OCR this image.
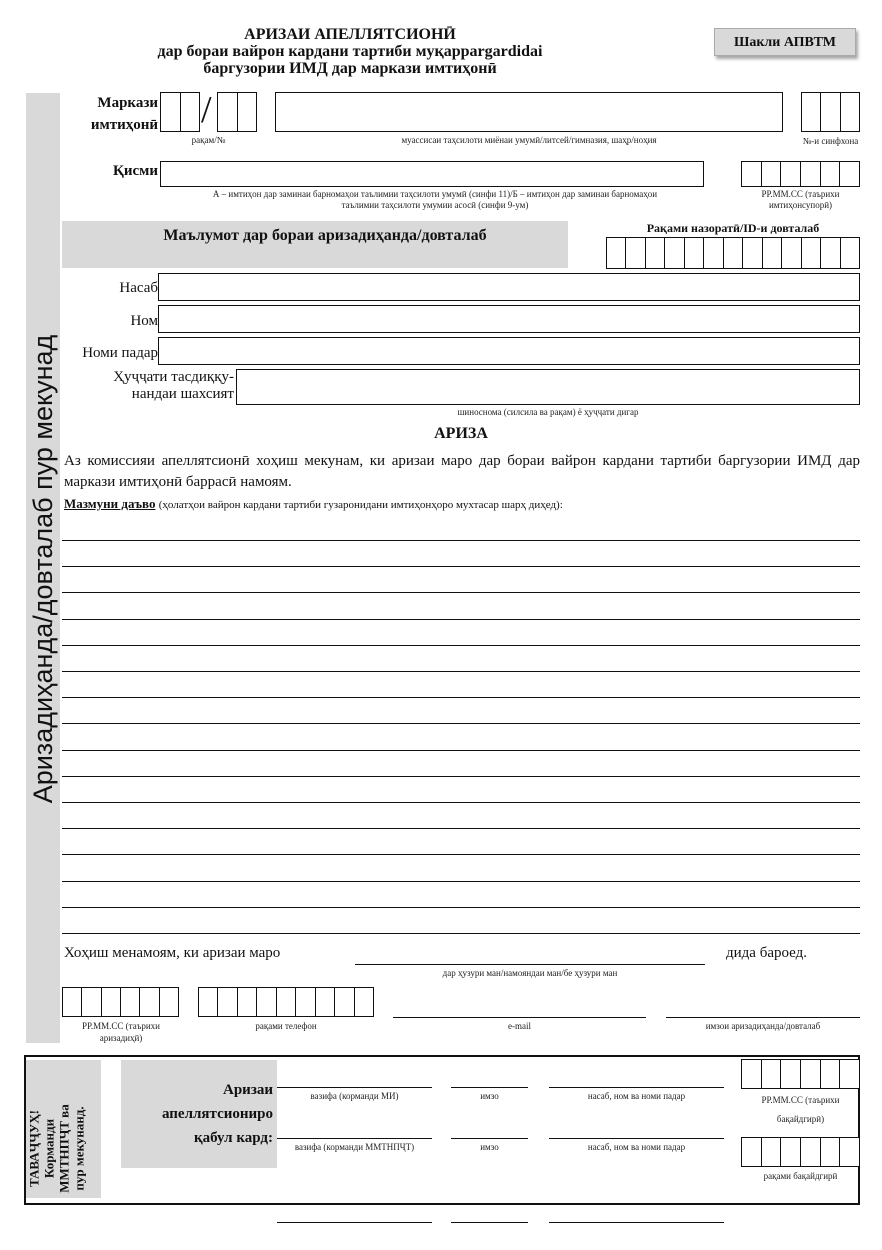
АРИЗАИ АПЕЛЛЯТСИОНӢ
дар бораи вайрон кардани тартиби муқаррargardidai
баргузории ИМД дар маркази имтиҳонӣ
Шакли АПВТМ
Аризадиҳанда/довталаб пур мекунад
Маркази имтиҳонӣ /
рақам/№	муассисаи таҳсилоти миёнаи умумӣ/литсей/гимназия, шаҳр/ноҳия	№-и синфхона
Қисми
А – имтиҳон дар заминаи барномаҳои таълимии таҳсилоти умумӣ (синфи 11)/Б – имтиҳон дар заминаи барномаҳои таълимии таҳсилоти умумии асосӣ (синфи 9-ум)
РР.ММ.СС (таърихи имтиҳонсупорӣ)
Маълумот дар бораи аризадиҳанда/довталаб	Рақами назоратӣ/ID-и довталаб
Насаб
Ном
Номи падар
Ҳуҷҷати тасдиққу-нандаи шахсият
шиноснома (силсила ва рақам) ё ҳуҷҷати дигар
АРИЗА
Аз комиссияи апеллятсионӣ хоҳиш мекунам, ки аризаи маро дар бораи вайрон кардани тартиби баргузории ИМД дар маркази имтиҳонӣ баррасӣ намоям.
Мазмуни даъво (ҳолатҳои вайрон кардани тартиби гузаронидани имтиҳонҳоро мухтасар шарҳ диҳед):
Хоҳиш менамоям, ки аризаи маро
дар ҳузури ман/намояндаи ман/бе ҳузури ман
дида бароед.
РР.ММ.СС (таърихи аризадиҳӣ)
рақами телефон	e-mail	имзои аризадиҳанда/довталаб
ТАВАҶҶУҲ! Корманди ММТНПҶТ ва пур мекунанд.
Аризаи
апеллятсиониро
қабул кард:
вазифа (корманди МИ)	имзо	насаб, ном ва номи падар
вазифа (корманди ММТНПҶТ)	имзо	насаб, ном ва номи падар
РР.ММ.СС (таърихи бақайдгирӣ)
рақами бақайдгирӣ
